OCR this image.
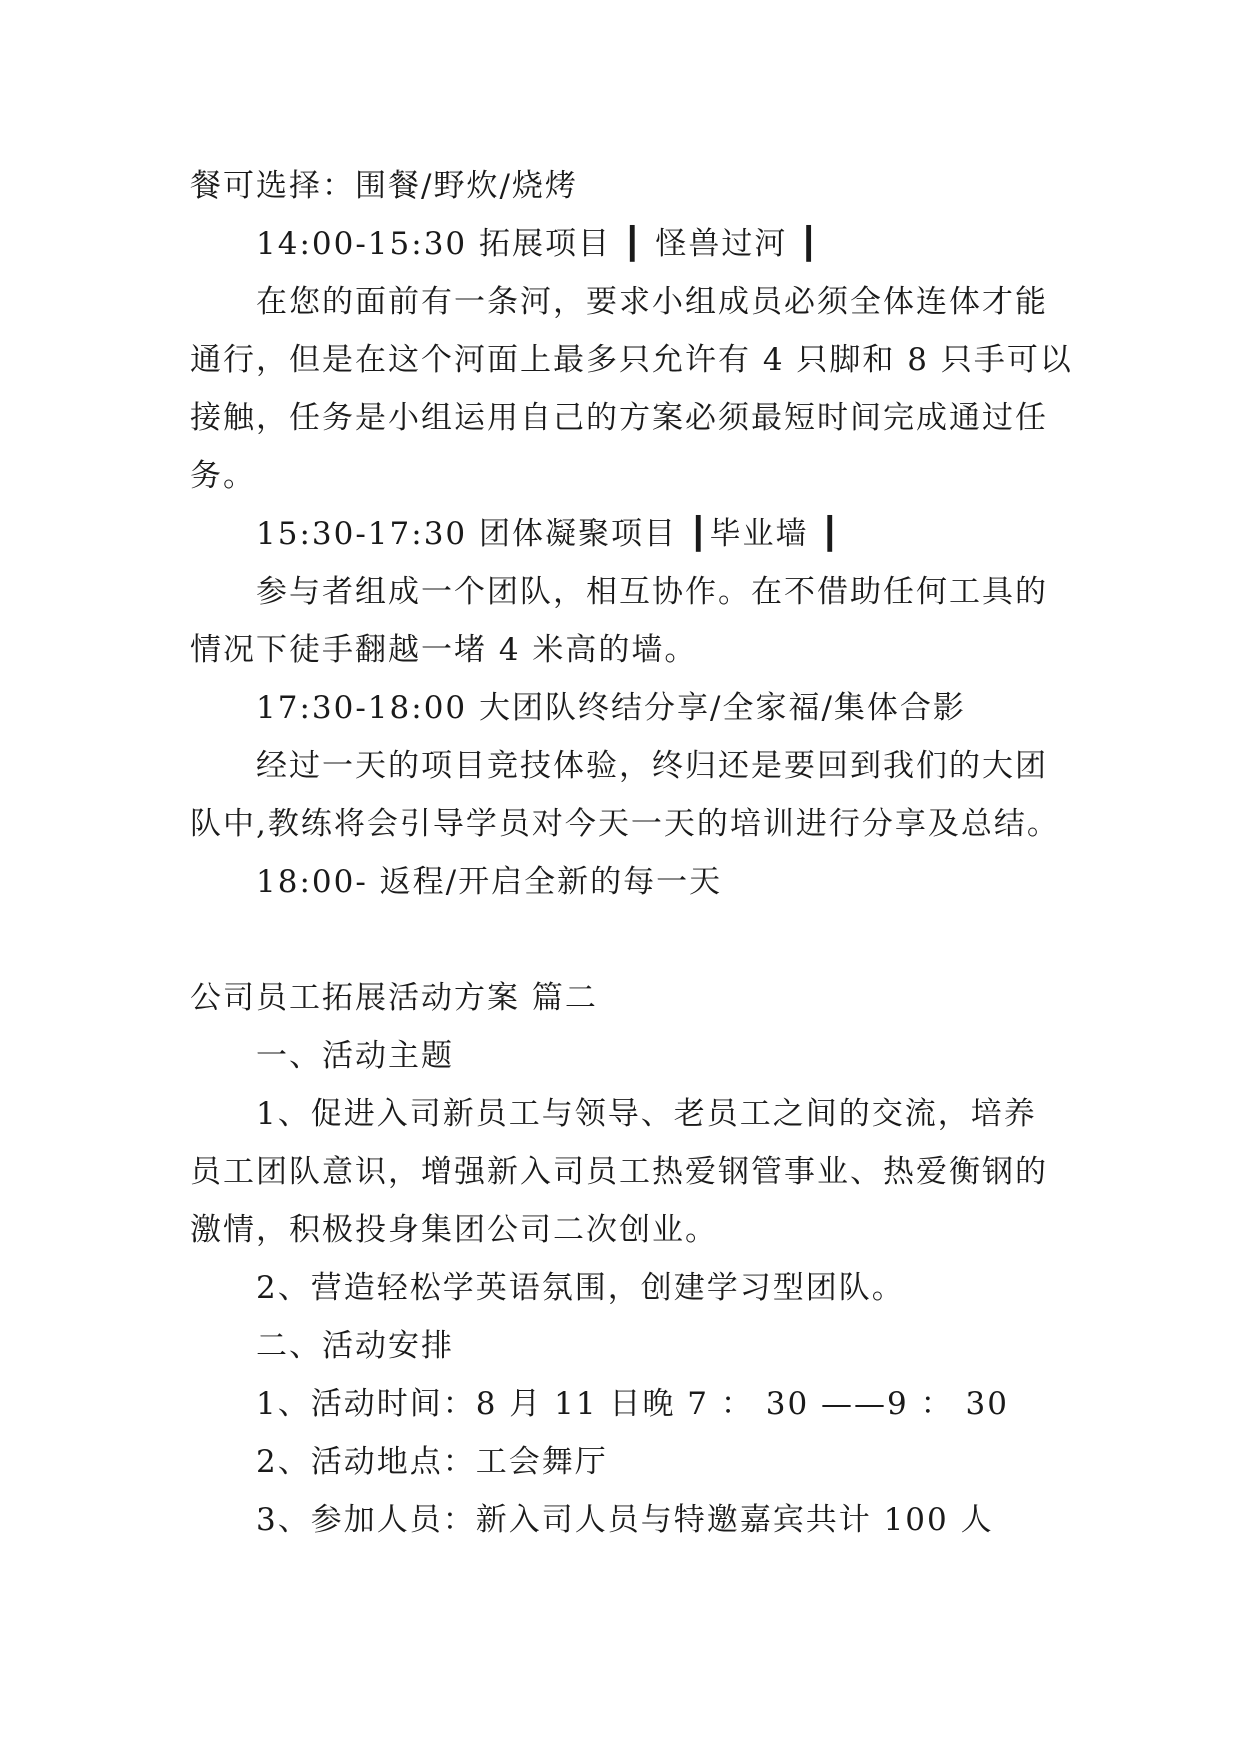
餐可选择：围餐/野炊/烧烤
14:00-15:30 拓展项目 ┃ 怪兽过河 ┃
在您的面前有一条河，要求小组成员必须全体连体才能
通行，但是在这个河面上最多只允许有 4 只脚和 8 只手可以
接触，任务是小组运用自己的方案必须最短时间完成通过任
务。
15:30-17:30 团体凝聚项目 ┃毕业墙 ┃
参与者组成一个团队，相互协作。在不借助任何工具的
情况下徒手翻越一堵 4 米高的墙。
17:30-18:00 大团队终结分享/全家福/集体合影
经过一天的项目竞技体验，终归还是要回到我们的大团
队中,教练将会引导学员对今天一天的培训进行分享及总结。
18:00- 返程/开启全新的每一天
公司员工拓展活动方案 篇二
一、活动主题
1、促进入司新员工与领导、老员工之间的交流，培养
员工团队意识，增强新入司员工热爱钢管事业、热爱衡钢的
激情，积极投身集团公司二次创业。
2、营造轻松学英语氛围，创建学习型团队。
二、活动安排
1、活动时间：8 月 11 日晚 7 ： 30 ——9 ： 30
2、活动地点：工会舞厅
3、参加人员：新入司人员与特邀嘉宾共计 100 人
